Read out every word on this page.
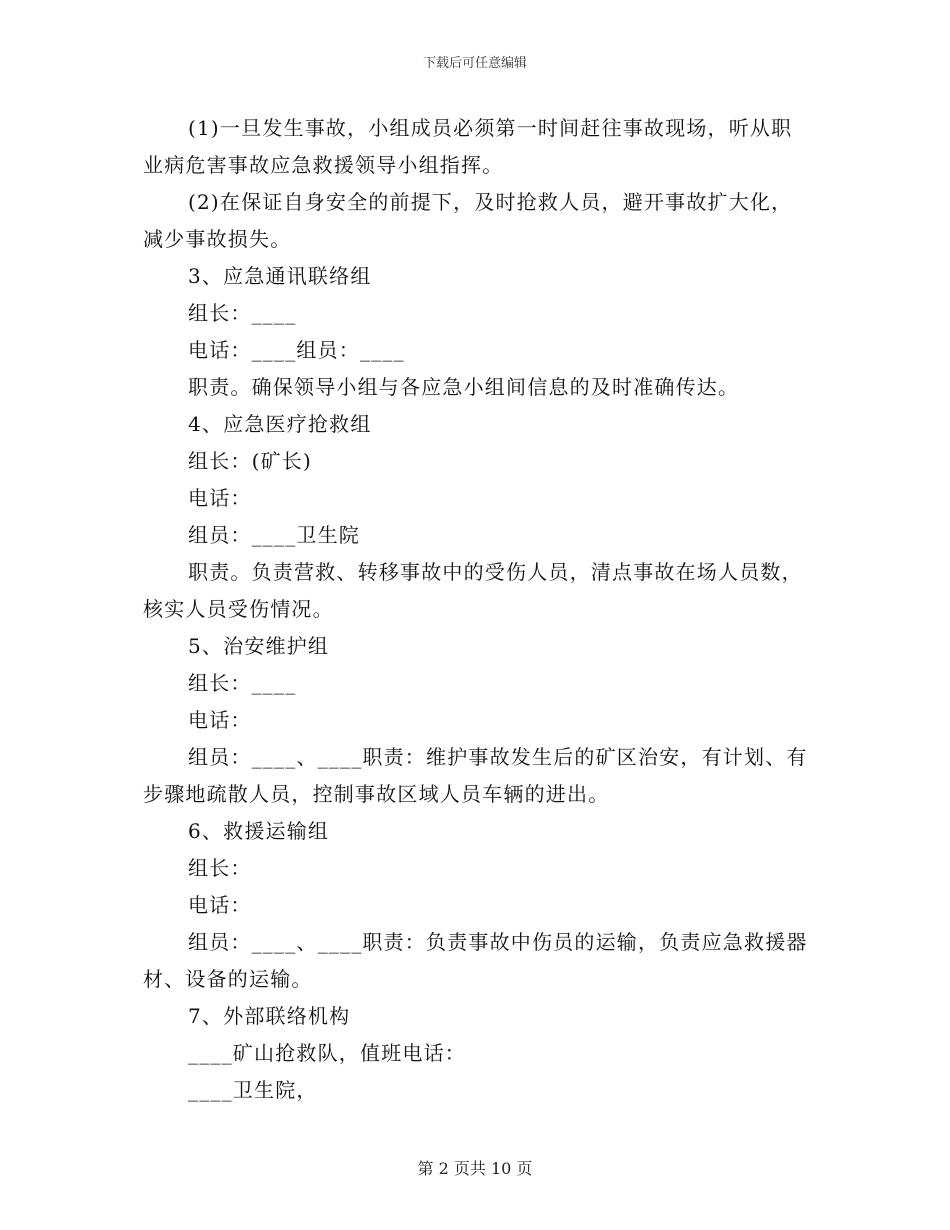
下载后可任意编辑

(1)一旦发生事故，小组成员必须第一时间赶往事故现场，听从职业病危害事故应急救援领导小组指挥。

(2)在保证自身安全的前提下，及时抢救人员，避开事故扩大化，减少事故损失。

3、应急通讯联络组

组长：____

电话：____组员：____

职责。确保领导小组与各应急小组间信息的及时准确传达。

4、应急医疗抢救组

组长：(矿长)

电话：

组员：____卫生院

职责。负责营救、转移事故中的受伤人员，清点事故在场人员数，核实人员受伤情况。

5、治安维护组

组长：____

电话：

组员：____、____职责：维护事故发生后的矿区治安，有计划、有步骤地疏散人员，控制事故区域人员车辆的进出。

6、救援运输组

组长：

电话：

组员：____、____职责：负责事故中伤员的运输，负责应急救援器材、设备的运输。

7、外部联络机构

____矿山抢救队，值班电话：

____卫生院，

第 2 页共 10 页
